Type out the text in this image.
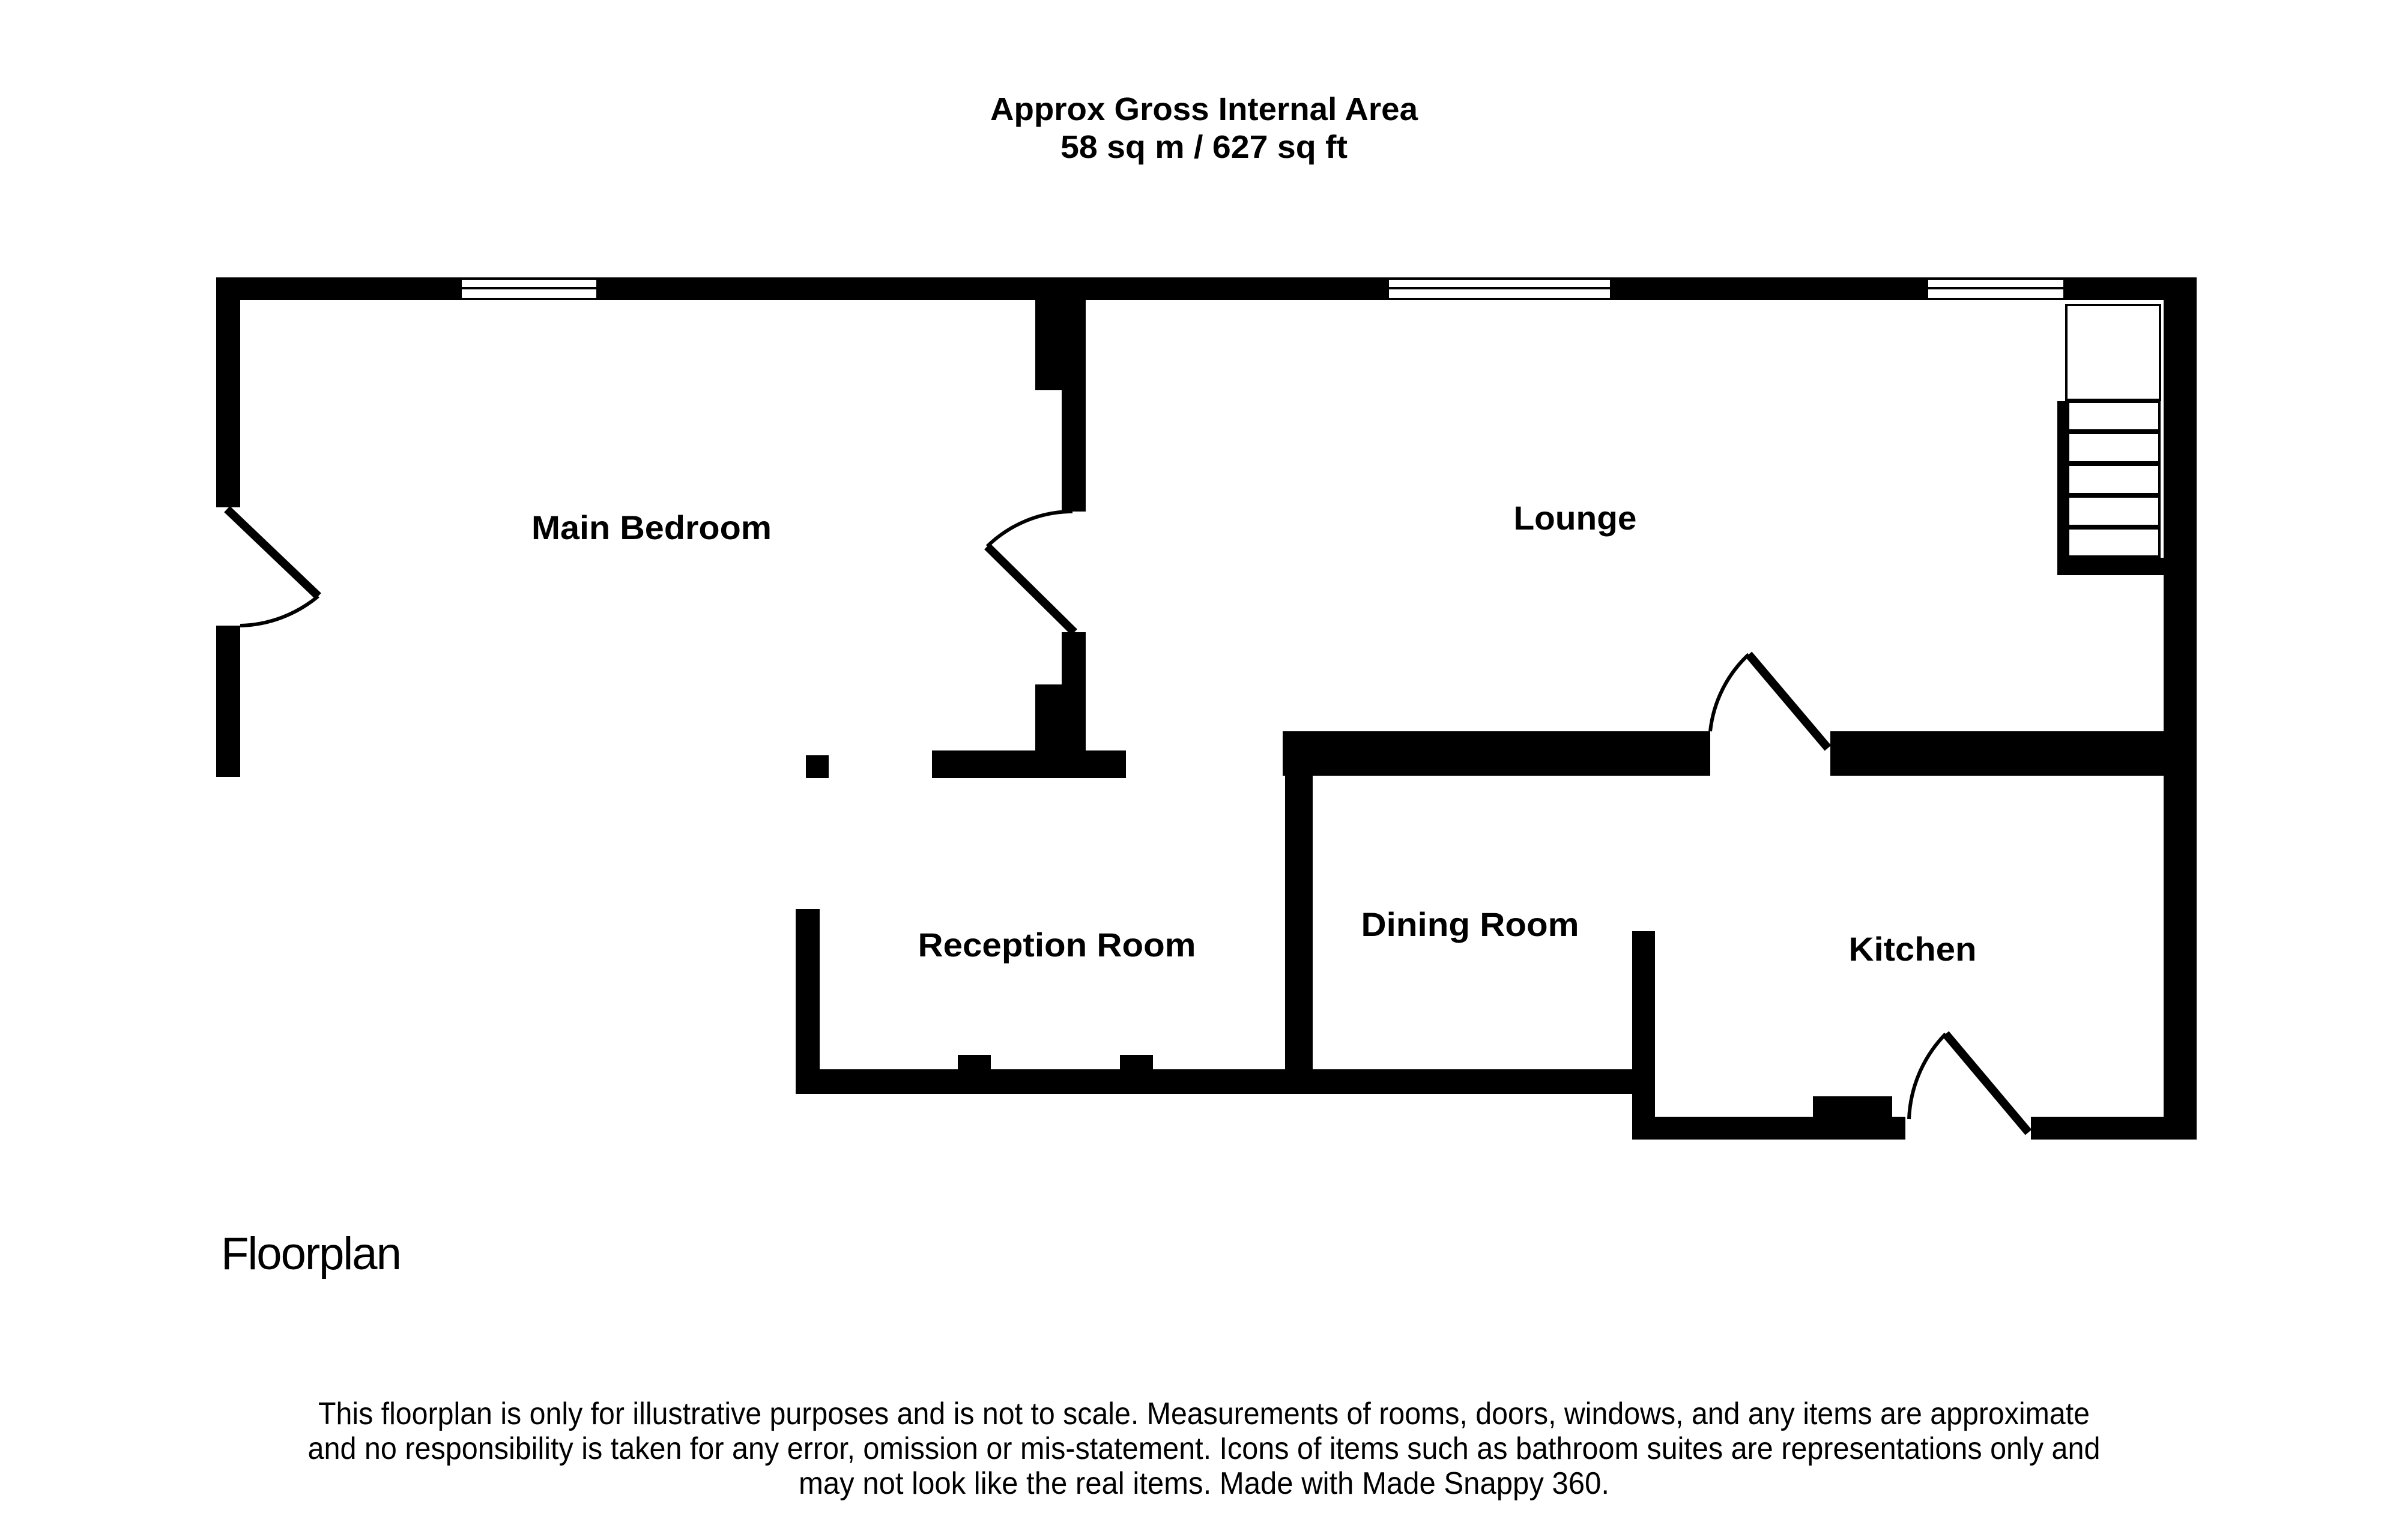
Approx Gross Internal Area
58 sq m / 627 sq ft
Main Bedroom	Lounge
Reception Room
Dining Room
Kitchen
Floorplan
This floorplan is only for illustrative purposes and is not to scale. Measurements of rooms, doors, windows, and any items are approximate
and no responsibility is taken for any error, omission or mis-statement. Icons of items such as bathroom suites are representations only and
may not look like the real items. Made with Made Snappy 360.
